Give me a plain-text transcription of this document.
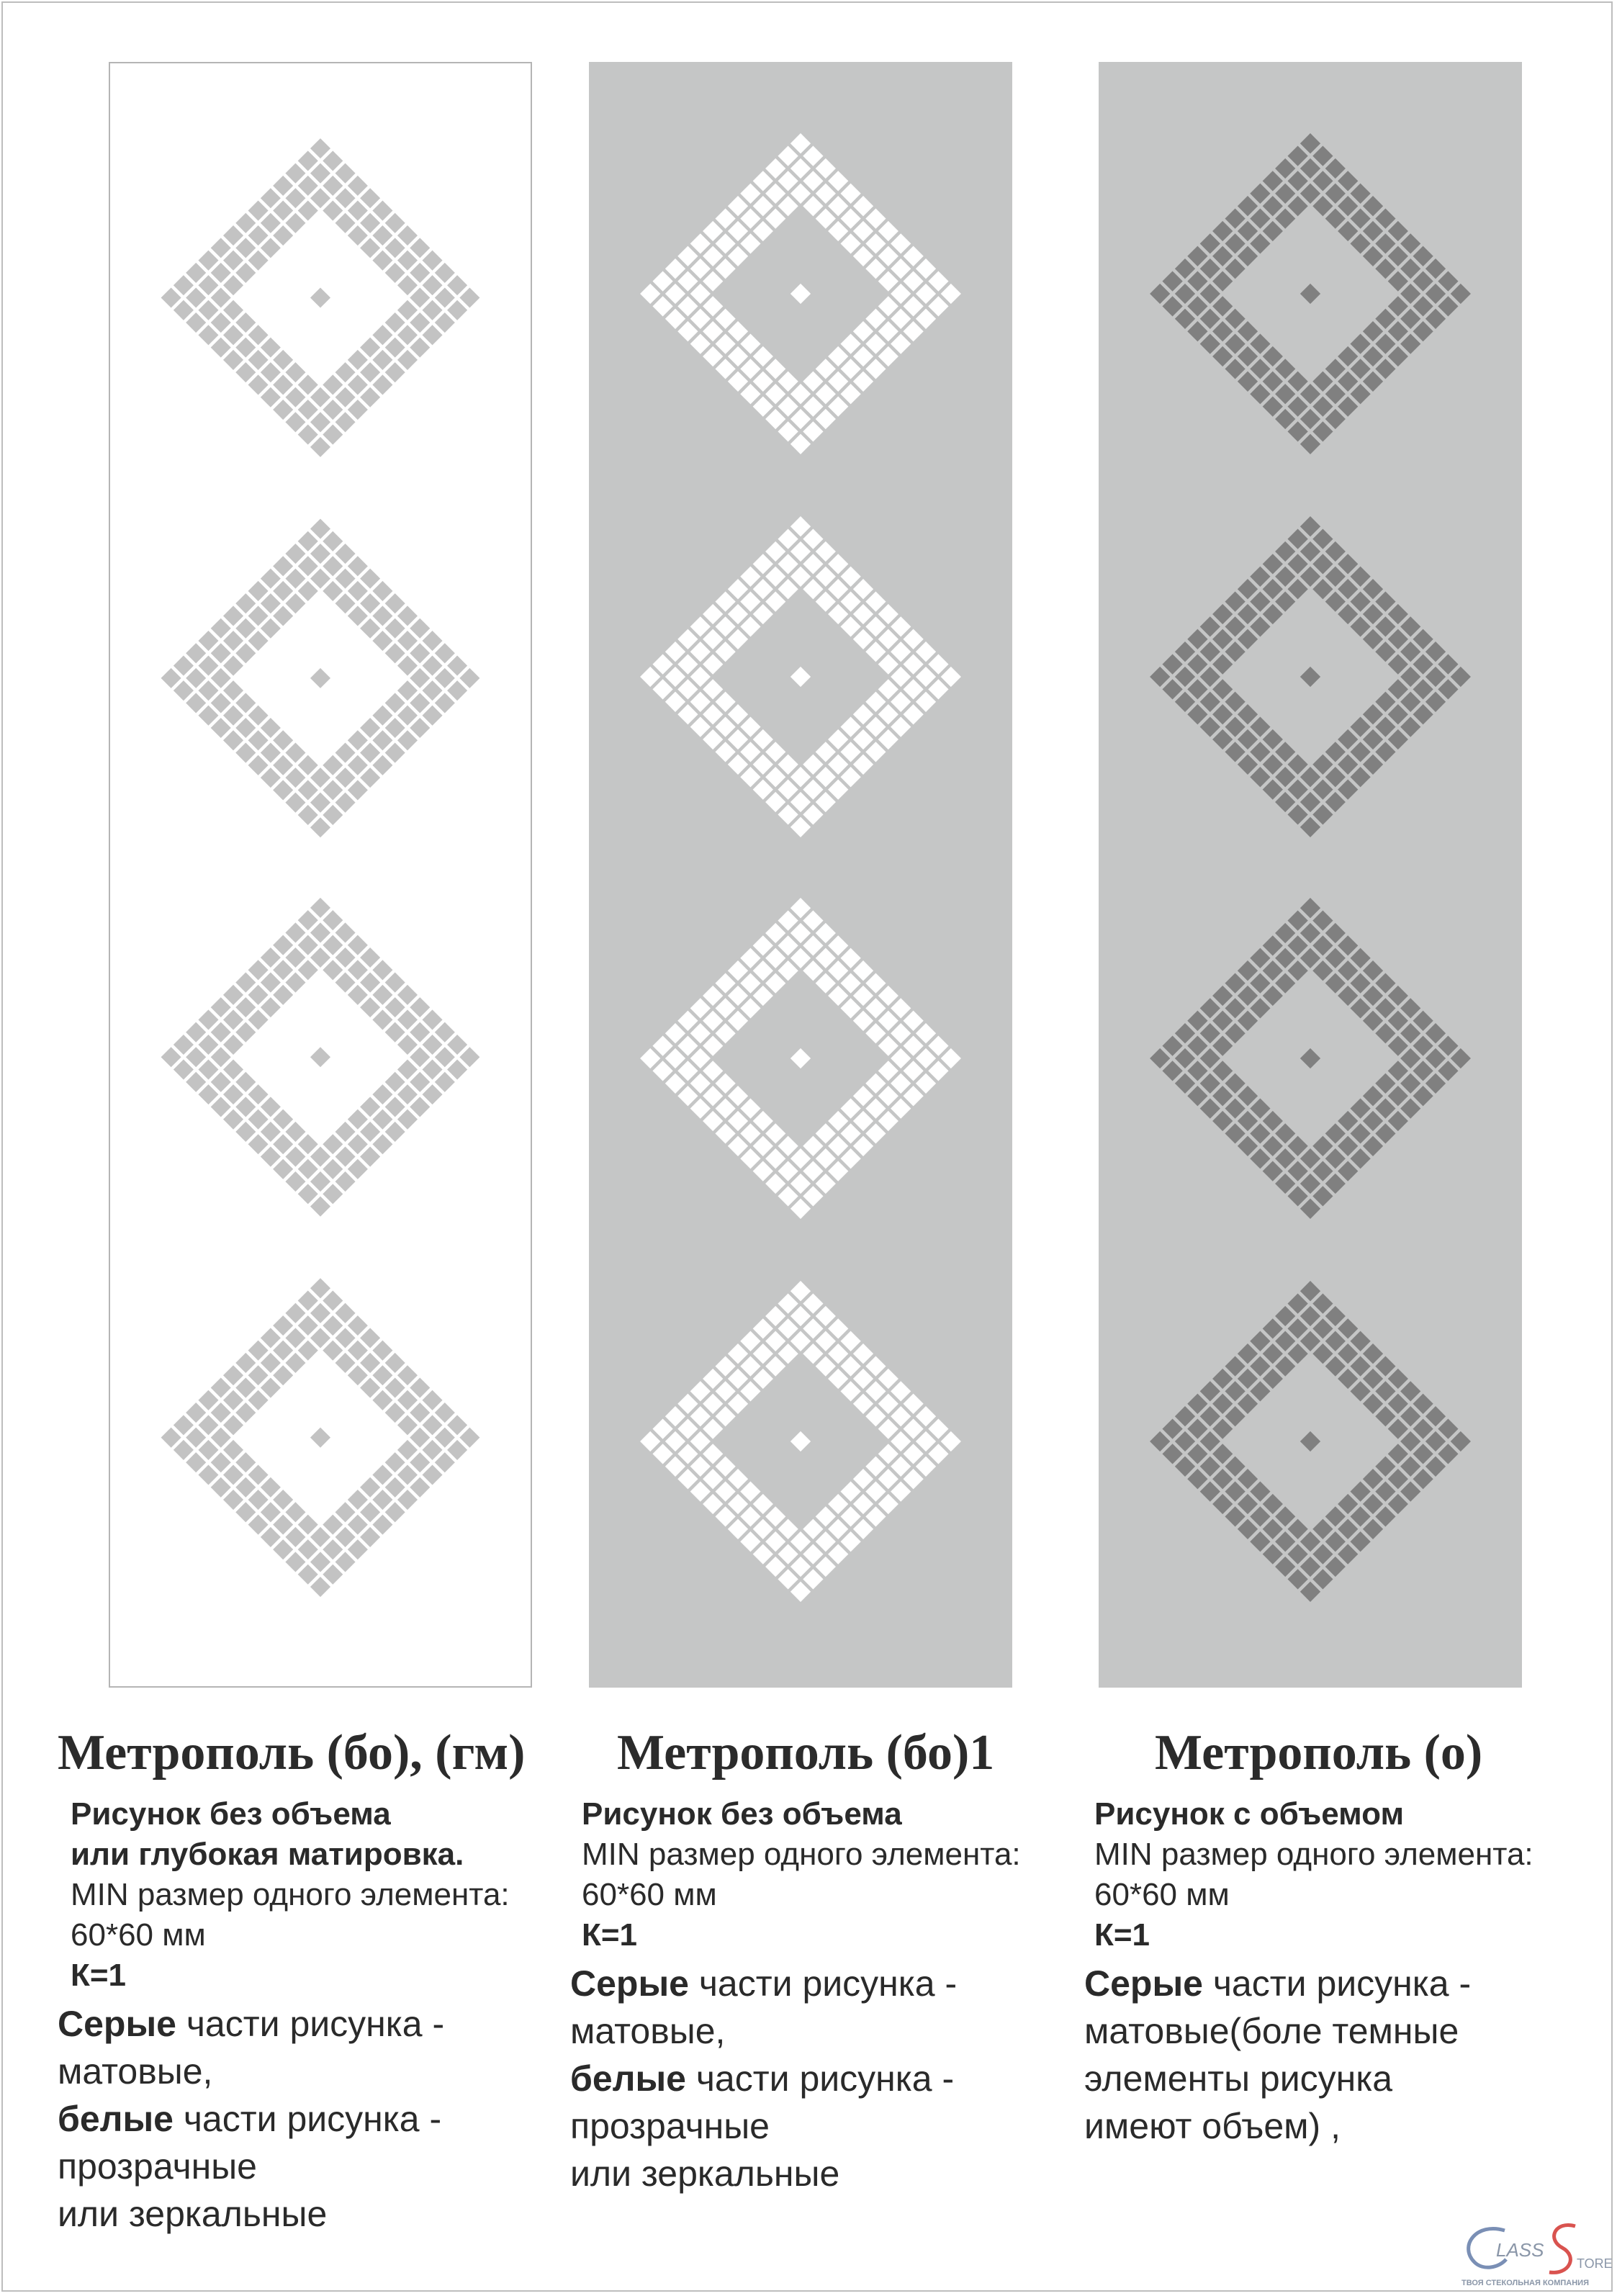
Метрополь (бо), (гм)
Рисунок без объема
или глубокая матировка.
MIN размер одного элемента:
60*60 мм
К=1
Серые части рисунка -
матовые,
белые части рисунка -
прозрачные
или зеркальные
Метрополь (бо)1
Рисунок без объема
MIN размер одного элемента:
60*60 мм
К=1
Серые части рисунка -
матовые,
белые части рисунка -
прозрачные
или зеркальные
Метрополь (о)
Рисунок с объемом
MIN размер одного элемента:
60*60 мм
К=1
Серые части рисунка -
матовые(боле темные
элементы рисунка
имеют объем) ,
LASS
TORE
ТВОЯ СТЕКОЛЬНАЯ КОМПАНИЯ
